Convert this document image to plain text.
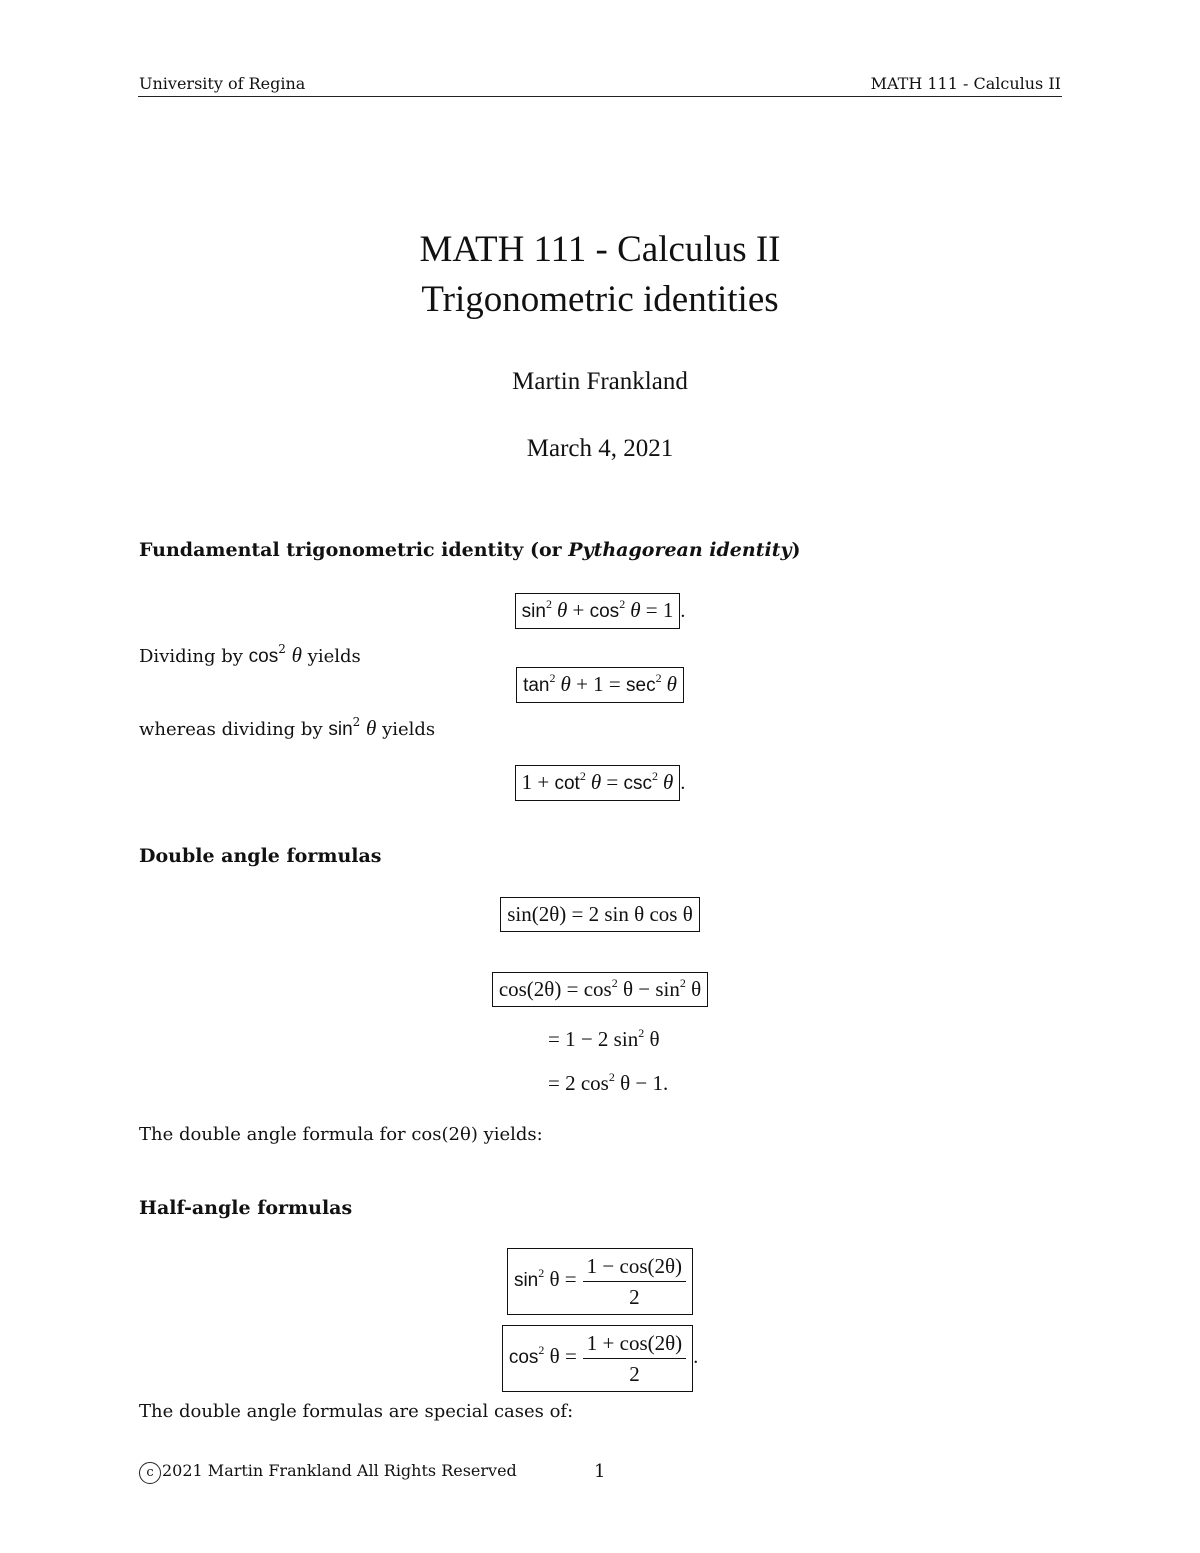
University of Regina	MATH 111 - Calculus II
MATH 111 - Calculus II
Trigonometric identities
Martin Frankland
March 4, 2021
Fundamental trigonometric identity (or Pythagorean identity)
$\sin^2 \theta + \cos^2 \theta = 1$ .
Dividing by $\cos^2 \theta$ yields
$\tan^2 \theta + 1 = \sec^2 \theta$
whereas dividing by $\sin^2 \theta$ yields
$1 + \cot^2 \theta = \csc^2 \theta$ .
Double angle formulas
sin(2θ) = 2 sin θ cos θ
$\cos(2\theta) = \cos^2 \theta - \sin^2 \theta$
= 1 − 2 $\sin^2 \theta$
= 2 $\cos^2 \theta - 1$.
The double angle formula for cos(2θ) yields:
Half-angle formulas
$\sin^2 \theta = \frac{1 - \cos(2\theta)}{2}$
$\cos^2 \theta = \frac{1 + \cos(2\theta)}{2}$ .
The double angle formulas are special cases of:
c 2021 Martin Frankland All Rights Reserved	1
